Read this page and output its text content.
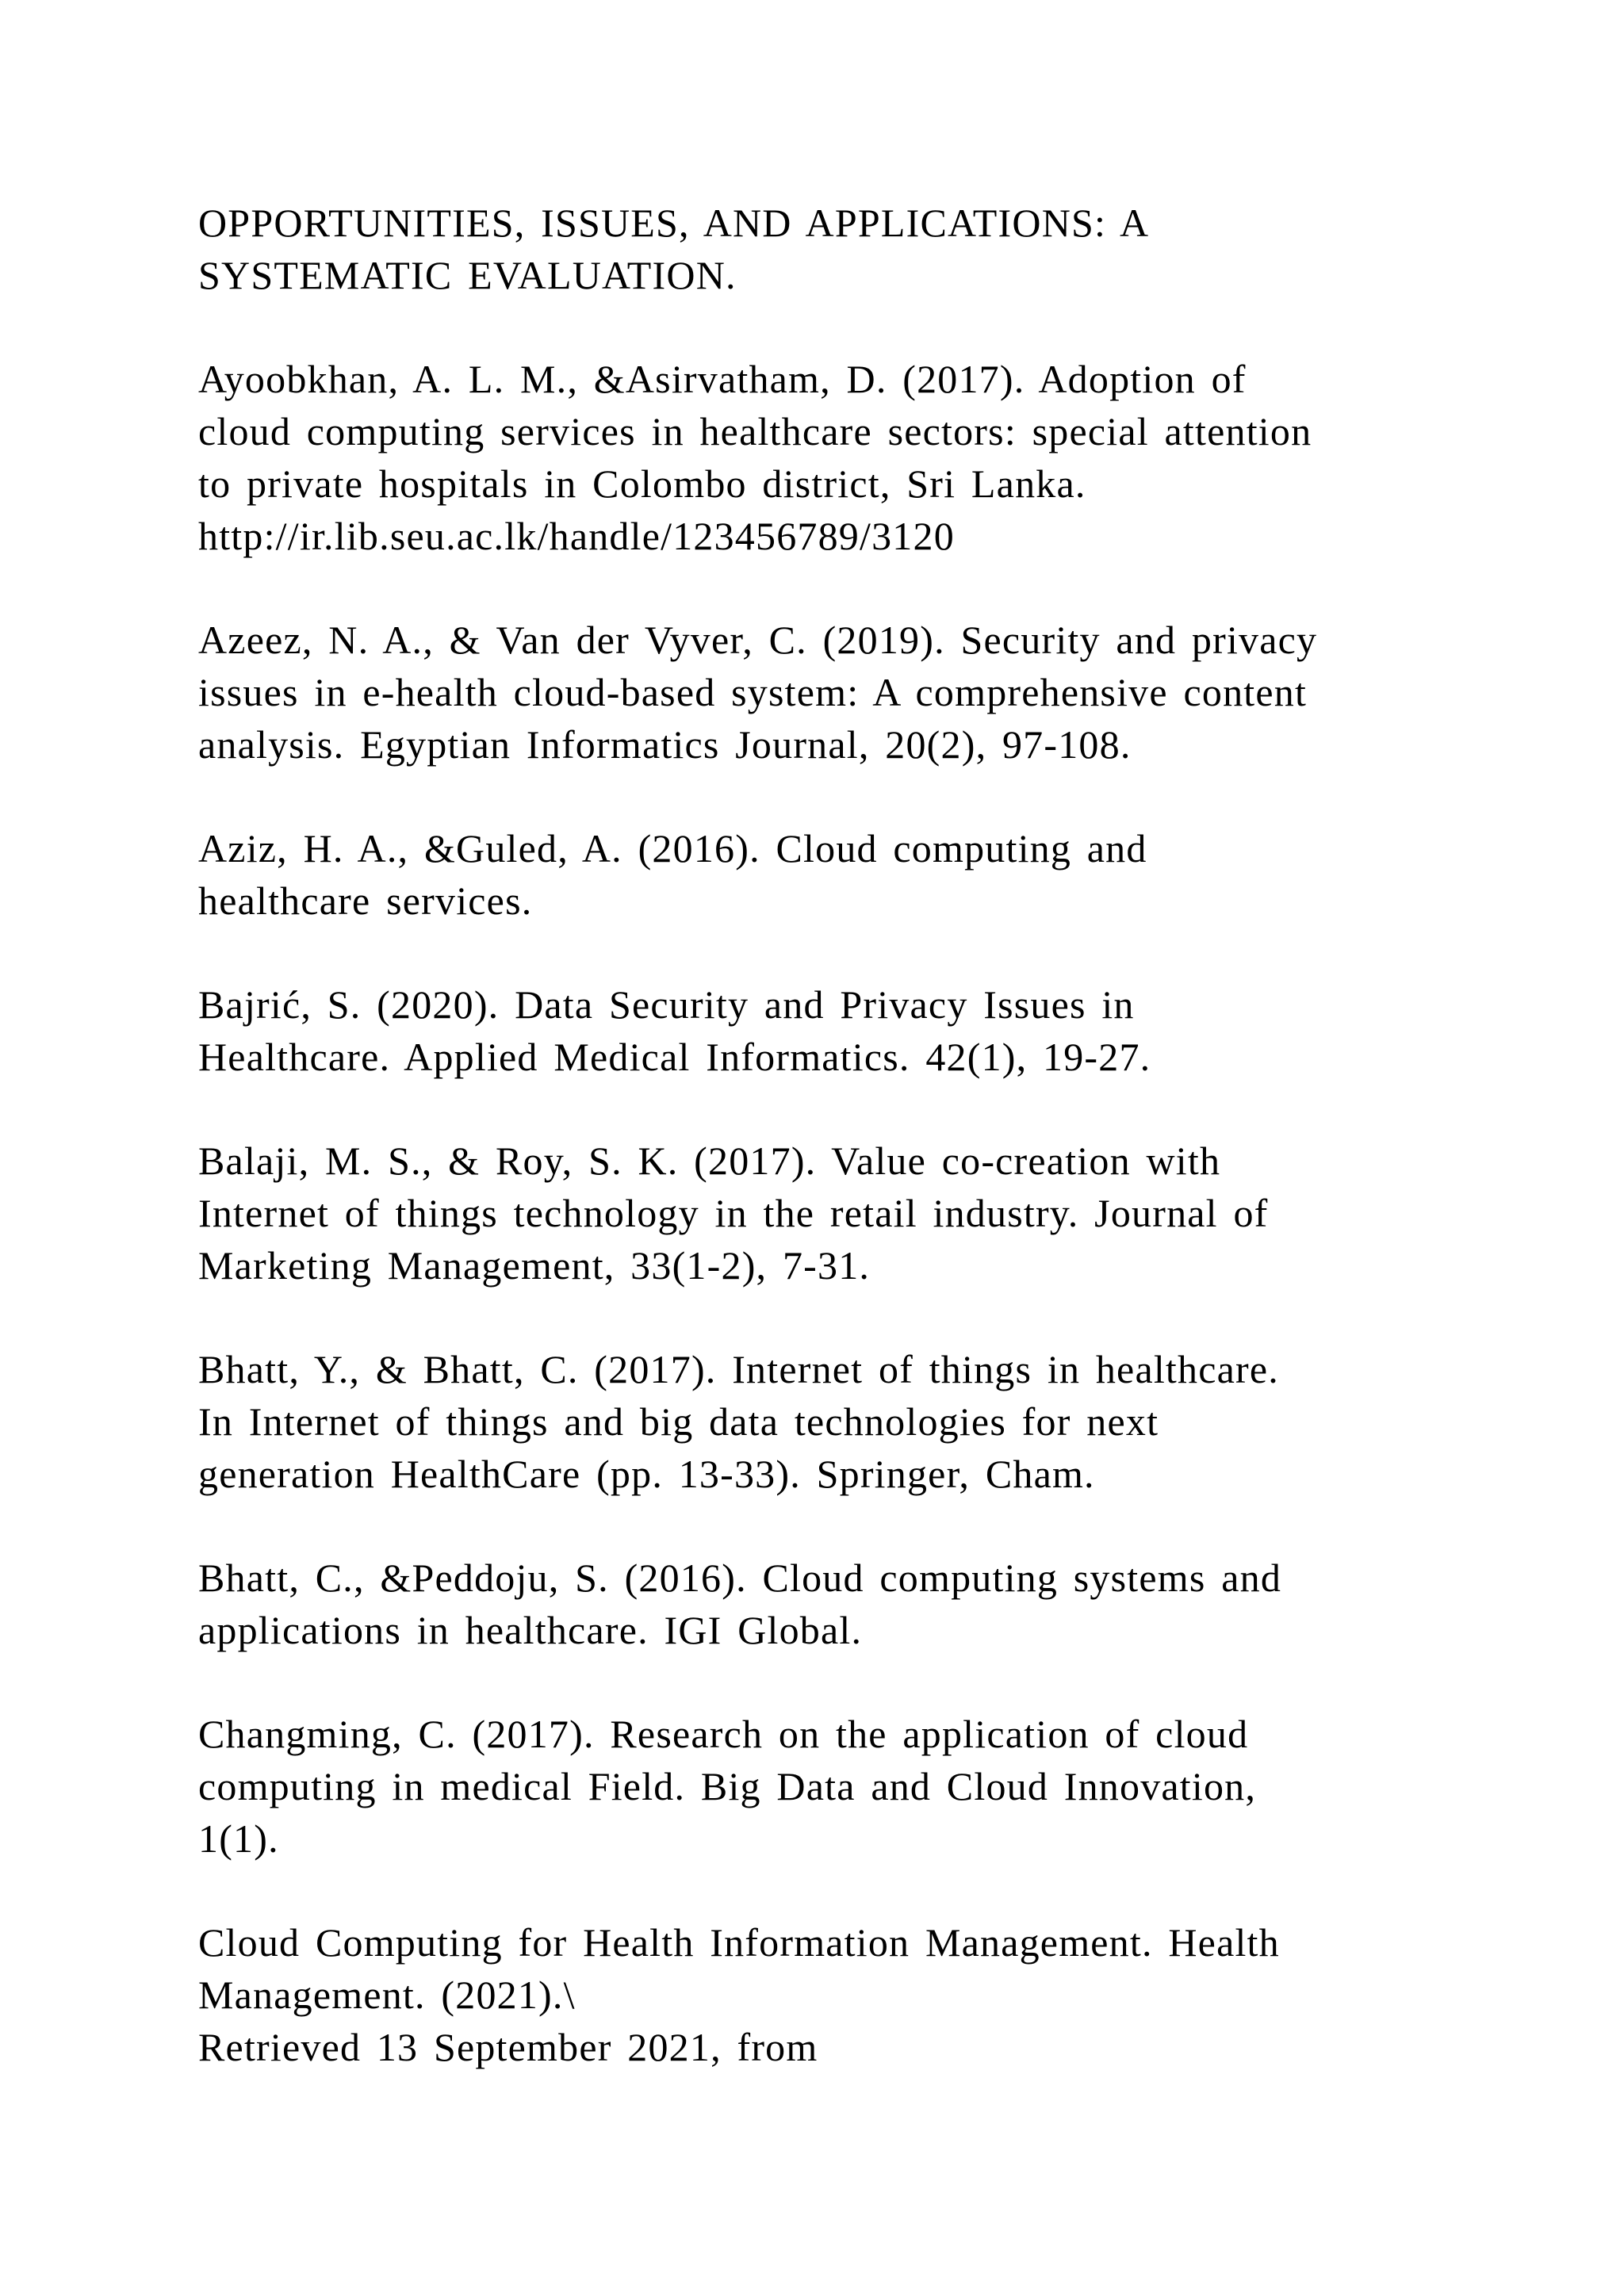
OPPORTUNITIES, ISSUES, AND APPLICATIONS: A
SYSTEMATIC EVALUATION.
Ayoobkhan, A. L. M., &Asirvatham, D. (2017). Adoption of
cloud computing services in healthcare sectors: special attention
to private hospitals in Colombo district, Sri Lanka.
http://ir.lib.seu.ac.lk/handle/123456789/3120
Azeez, N. A., & Van der Vyver, C. (2019). Security and privacy
issues in e-health cloud-based system: A comprehensive content
analysis. Egyptian Informatics Journal, 20(2), 97-108.
Aziz, H. A., &Guled, A. (2016). Cloud computing and
healthcare services.
Bajrić, S. (2020). Data Security and Privacy Issues in
Healthcare. Applied Medical Informatics. 42(1), 19-27.
Balaji, M. S., & Roy, S. K. (2017). Value co-creation with
Internet of things technology in the retail industry. Journal of
Marketing Management, 33(1-2), 7-31.
Bhatt, Y., & Bhatt, C. (2017). Internet of things in healthcare.
In Internet of things and big data technologies for next
generation HealthCare (pp. 13-33). Springer, Cham.
Bhatt, C., &Peddoju, S. (2016). Cloud computing systems and
applications in healthcare. IGI Global.
Changming, C. (2017). Research on the application of cloud
computing in medical Field. Big Data and Cloud Innovation,
1(1).
Cloud Computing for Health Information Management. Health
Management. (2021).\
Retrieved 13 September 2021, from
